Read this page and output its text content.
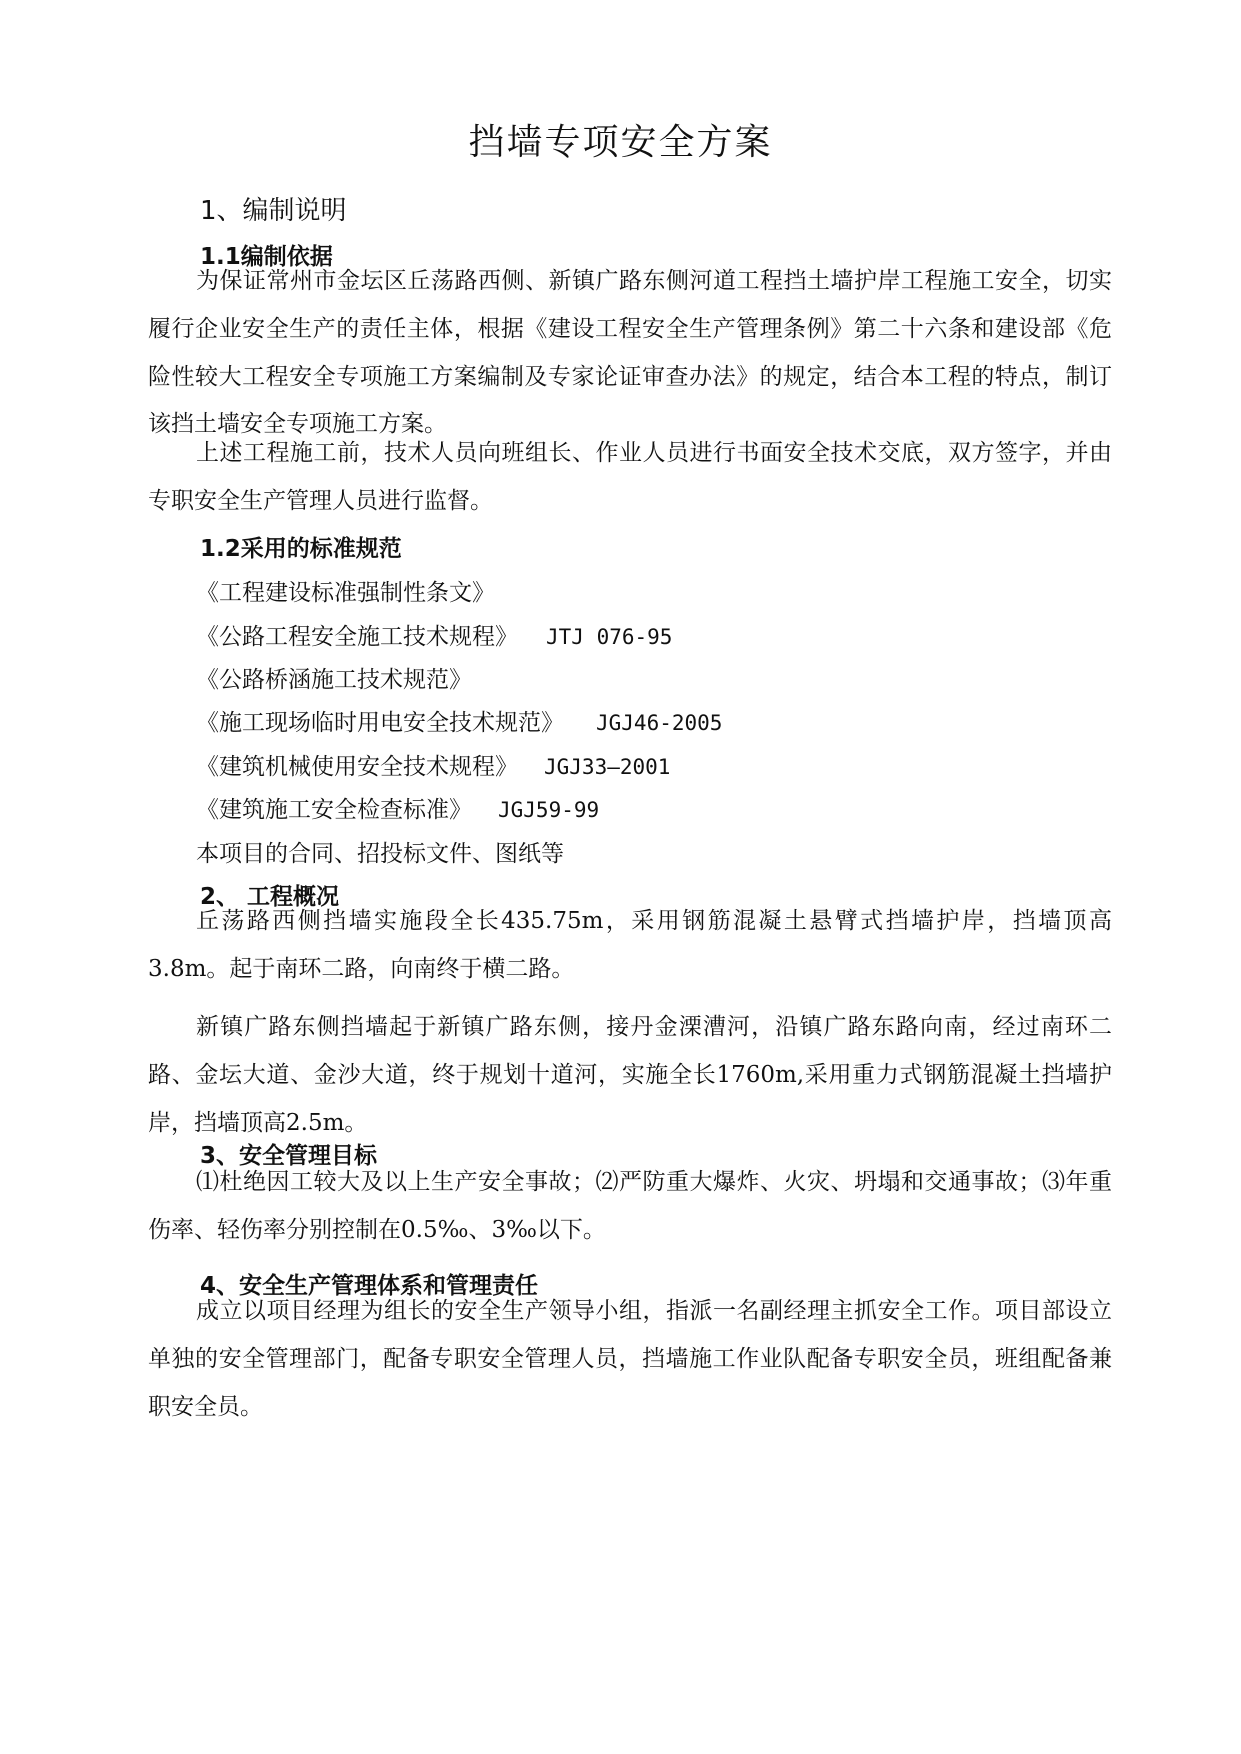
挡墙专项安全方案
1、编制说明
1.1编制依据

为保证常州市金坛区丘荡路西侧、新镇广路东侧河道工程挡土墙护岸工程施工安全，切实履行企业安全生产的责任主体，根据《建设工程安全生产管理条例》第二十六条和建设部《危险性较大工程安全专项施工方案编制及专家论证审查办法》的规定，结合本工程的特点，制订该挡土墙安全专项施工方案。

上述工程施工前，技术人员向班组长、作业人员进行书面安全技术交底，双方签字，并由专职安全生产管理人员进行监督。

1.2采用的标准规范
《工程建设标准强制性条文》
《公路工程安全施工技术规程》 JTJ 076-95
《公路桥涵施工技术规范》
《施工现场临时用电安全技术规范》 JGJ46-2005
《建筑机械使用安全技术规程》 JGJ33—2001
《建筑施工安全检查标准》 JGJ59-99
本项目的合同、招投标文件、图纸等
2、 工程概况

丘荡路西侧挡墙实施段全长435.75m，采用钢筋混凝土悬臂式挡墙护岸，挡墙顶高3.8m。起于南环二路，向南终于横二路。

新镇广路东侧挡墙起于新镇广路东侧，接丹金溧漕河，沿镇广路东路向南，经过南环二路、金坛大道、金沙大道，终于规划十道河，实施全长1760m,采用重力式钢筋混凝土挡墙护岸，挡墙顶高2.5m。

3、安全管理目标

⑴杜绝因工较大及以上生产安全事故；⑵严防重大爆炸、火灾、坍塌和交通事故；⑶年重伤率、轻伤率分别控制在0.5‰、3‰以下。

4、安全生产管理体系和管理责任

成立以项目经理为组长的安全生产领导小组，指派一名副经理主抓安全工作。项目部设立单独的安全管理部门，配备专职安全管理人员，挡墙施工作业队配备专职安全员，班组配备兼职安全员。
